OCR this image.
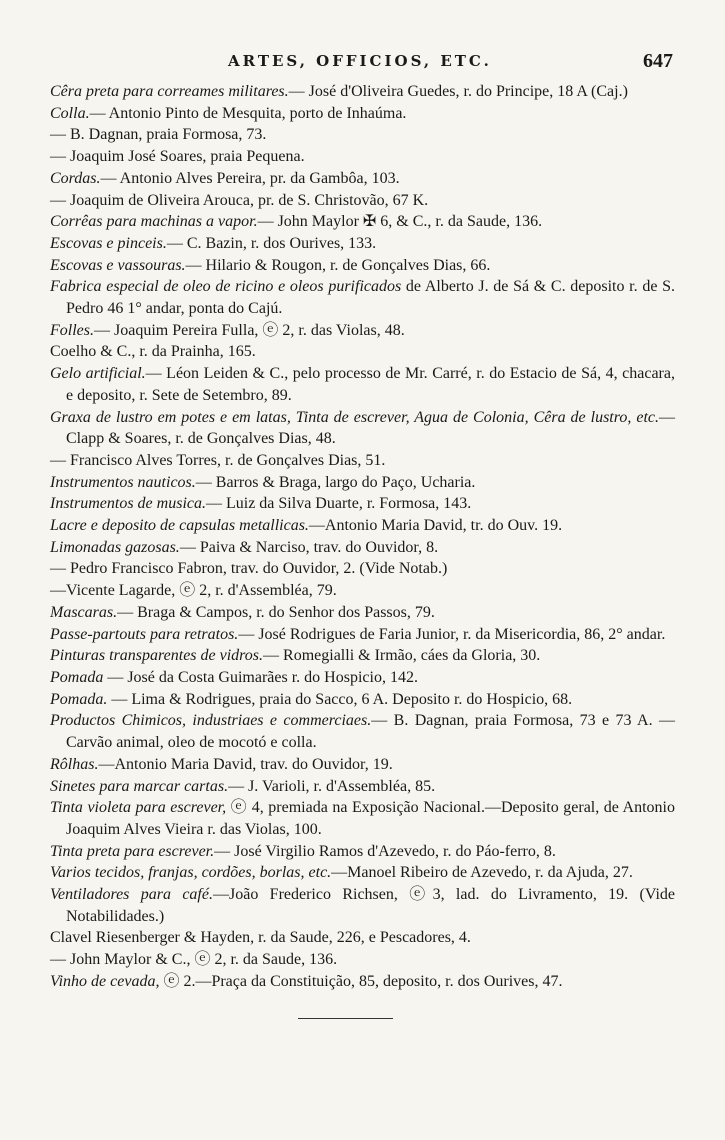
ARTES, OFFICIOS, ETC.	647

Cêra preta para correames militares.— José d'Oliveira Guedes, r. do Principe, 18 A (Caj.)

Colla.— Antonio Pinto de Mesquita, porto de Inhaúma.

— B. Dagnan, praia Formosa, 73.

— Joaquim José Soares, praia Pequena.

Cordas.— Antonio Alves Pereira, pr. da Gambôa, 103.

— Joaquim de Oliveira Arouca, pr. de S. Christovão, 67 K.

Corrêas para machinas a vapor.— John Maylor ✠ 6, & C., r. da Saude, 136.

Escovas e pinceis.— C. Bazin, r. dos Ourives, 133.

Escovas e vassouras.— Hilario & Rougon, r. de Gonçalves Dias, 66.

Fabrica especial de oleo de ricino e oleos purificados de Alberto J. de Sá & C. deposito r. de S. Pedro 46 1° andar, ponta do Cajú.

Folles.— Joaquim Pereira Fulla, ⓔ 2, r. das Violas, 48.

Coelho & C., r. da Prainha, 165.

Gelo artificial.— Léon Leiden & C., pelo processo de Mr. Carré, r. do Estacio de Sá, 4, chacara, e deposito, r. Sete de Setembro, 89.

Graxa de lustro em potes e em latas, Tinta de escrever, Agua de Colonia, Cêra de lustro, etc.— Clapp & Soares, r. de Gonçalves Dias, 48.

— Francisco Alves Torres, r. de Gonçalves Dias, 51.

Instrumentos nauticos.— Barros & Braga, largo do Paço, Ucharia.

Instrumentos de musica.— Luiz da Silva Duarte, r. Formosa, 143.

Lacre e deposito de capsulas metallicas.—Antonio Maria David, tr. do Ouv. 19.

Limonadas gazosas.— Paiva & Narciso, trav. do Ouvidor, 8.

— Pedro Francisco Fabron, trav. do Ouvidor, 2. (Vide Notab.)

—Vicente Lagarde, ⓔ 2, r. d'Assembléa, 79.

Mascaras.— Braga & Campos, r. do Senhor dos Passos, 79.

Passe-partouts para retratos.— José Rodrigues de Faria Junior, r. da Misericordia, 86, 2° andar.

Pinturas transparentes de vidros.— Romegialli & Irmão, cáes da Gloria, 30.

Pomada — José da Costa Guimarães r. do Hospicio, 142.

Pomada. — Lima & Rodrigues, praia do Sacco, 6 A. Deposito r. do Hospicio, 68.

Productos Chimicos, industriaes e commerciaes.— B. Dagnan, praia Formosa, 73 e 73 A. — Carvão animal, oleo de mocotó e colla.

Rôlhas.—Antonio Maria David, trav. do Ouvidor, 19.

Sinetes para marcar cartas.— J. Varioli, r. d'Assembléa, 85.

Tinta violeta para escrever, ⓔ 4, premiada na Exposição Nacional.—Deposito geral, de Antonio Joaquim Alves Vieira r. das Violas, 100.

Tinta preta para escrever.— José Virgilio Ramos d'Azevedo, r. do Páo-ferro, 8.

Varios tecidos, franjas, cordões, borlas, etc.—Manoel Ribeiro de Azevedo, r. da Ajuda, 27.

Ventiladores para café.—João Frederico Richsen, ⓔ3, lad. do Livramento, 19. (Vide Notabilidades.)

Clavel Riesenberger & Hayden, r. da Saude, 226, e Pescadores, 4.

— John Maylor & C., ⓔ 2, r. da Saude, 136.

Vinho de cevada, ⓔ 2.—Praça da Constituição, 85, deposito, r. dos Ourives, 47.
